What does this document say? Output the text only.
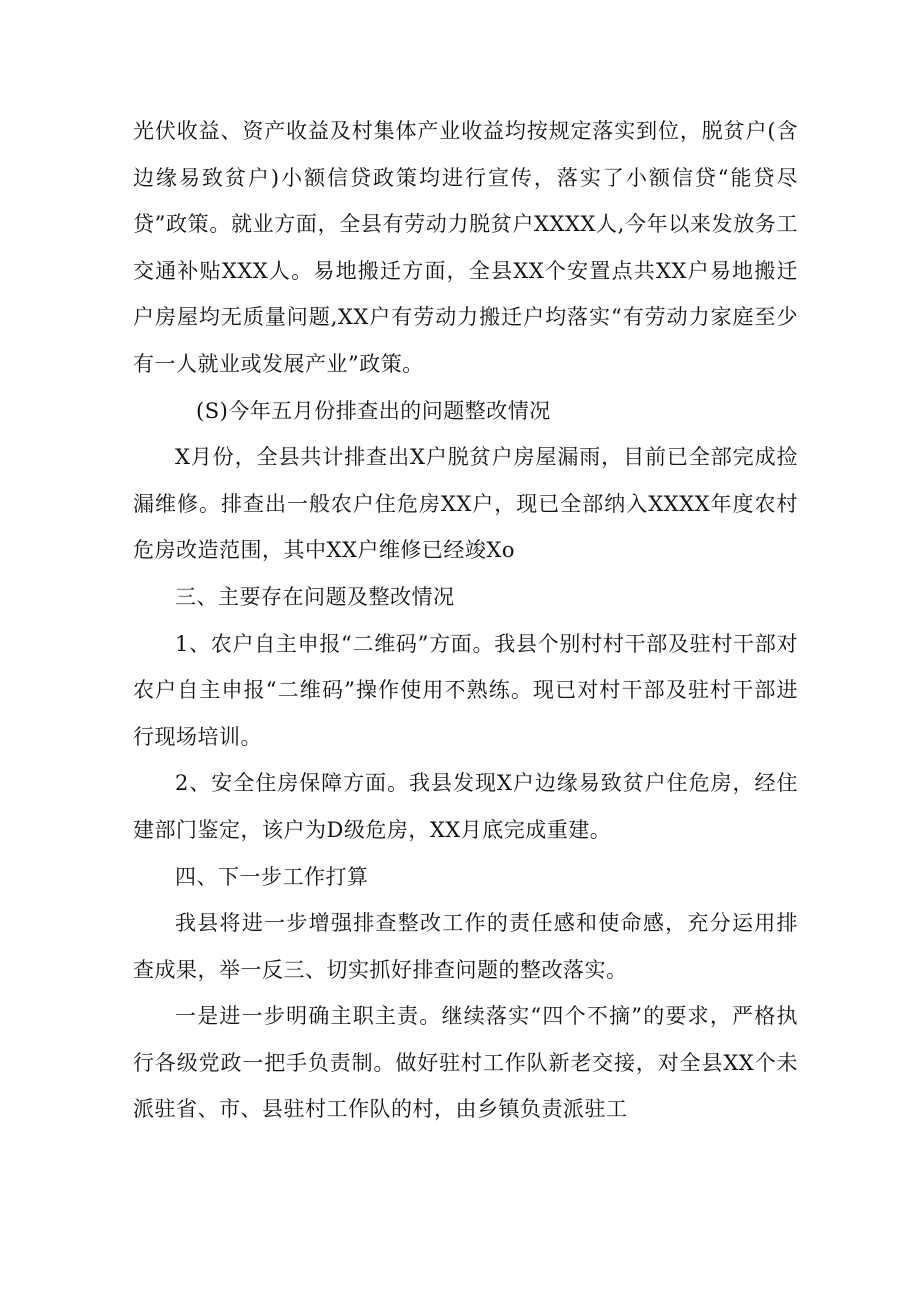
光伏收益、资产收益及村集体产业收益均按规定落实到位，脱贫户(含边缘易致贫户)小额信贷政策均进行宣传，落实了小额信贷“能贷尽贷”政策。就业方面，全县有劳动力脱贫户XXXX人,今年以来发放务工交通补贴XXX人。易地搬迁方面，全县XX个安置点共XX户易地搬迁户房屋均无质量问题,XX户有劳动力搬迁户均落实“有劳动力家庭至少有一人就业或发展产业”政策。

(S)今年五月份排查出的问题整改情况

X月份，全县共计排查出X户脱贫户房屋漏雨，目前已全部完成捡漏维修。排查出一般农户住危房XX户，现已全部纳入XXXX年度农村危房改造范围，其中XX户维修已经竣Xo

三、主要存在问题及整改情况

1、农户自主申报“二维码”方面。我县个别村村干部及驻村干部对农户自主申报“二维码”操作使用不熟练。现已对村干部及驻村干部进行现场培训。

2、安全住房保障方面。我县发现X户边缘易致贫户住危房，经住建部门鉴定，该户为D级危房，XX月底完成重建。

四、下一步工作打算

我县将进一步增强排查整改工作的责任感和使命感，充分运用排查成果，举一反三、切实抓好排查问题的整改落实。

一是进一步明确主职主责。继续落实“四个不摘”的要求，严格执行各级党政一把手负责制。做好驻村工作队新老交接，对全县XX个未派驻省、市、县驻村工作队的村，由乡镇负责派驻工
